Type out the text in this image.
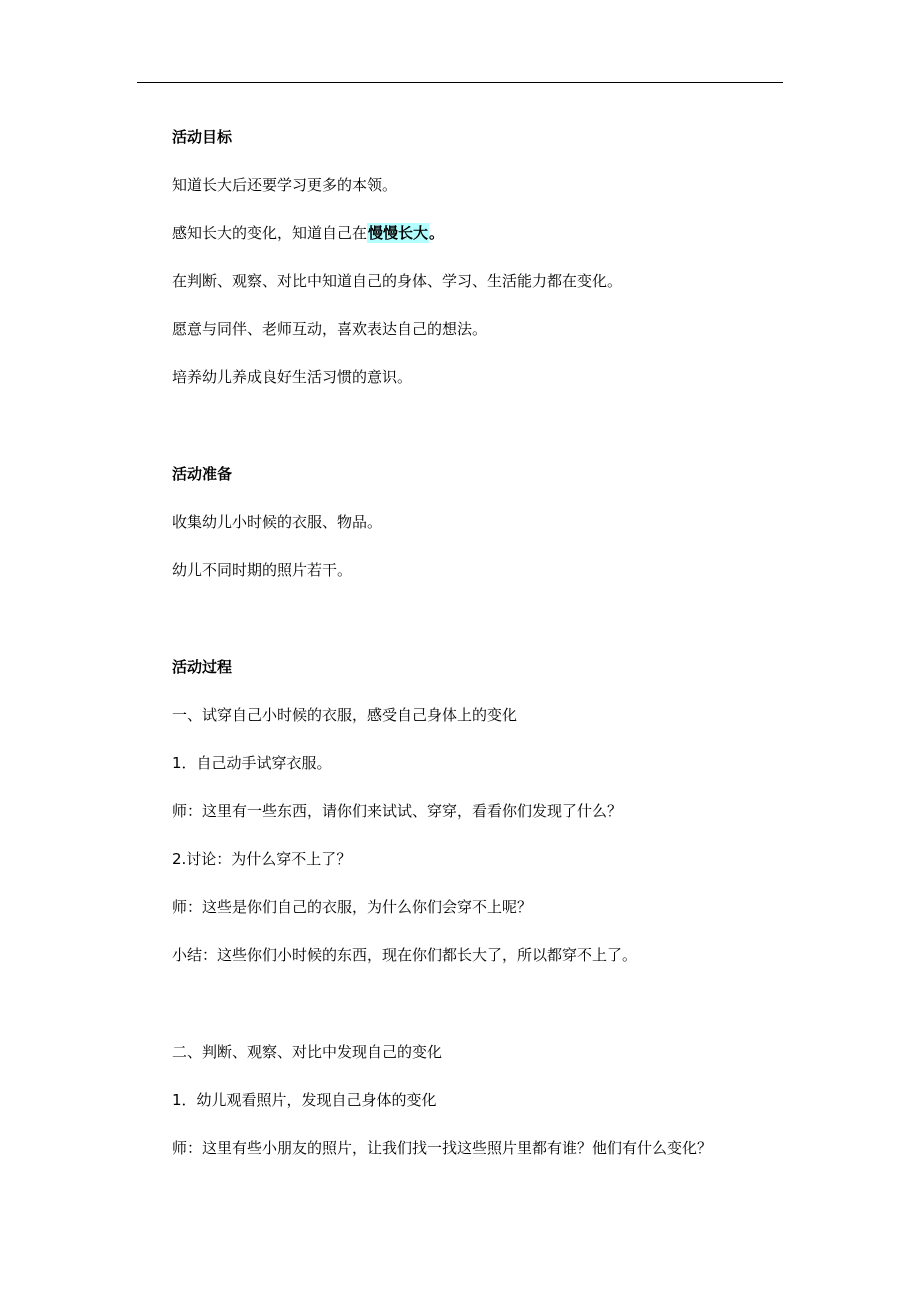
活动目标
知道长大后还要学习更多的本领。
感知长大的变化，知道自己在慢慢长大。
在判断、观察、对比中知道自己的身体、学习、生活能力都在变化。
愿意与同伴、老师互动，喜欢表达自己的想法。
培养幼儿养成良好生活习惯的意识。
活动准备
收集幼儿小时候的衣服、物品。
幼儿不同时期的照片若干。
活动过程
一、试穿自己小时候的衣服，感受自己身体上的变化
1．自己动手试穿衣服。
师：这里有一些东西，请你们来试试、穿穿，看看你们发现了什么？
2.讨论：为什么穿不上了？
师：这些是你们自己的衣服，为什么你们会穿不上呢？
小结：这些你们小时候的东西，现在你们都长大了，所以都穿不上了。
二、判断、观察、对比中发现自己的变化
1．幼儿观看照片，发现自己身体的变化
师：这里有些小朋友的照片，让我们找一找这些照片里都有谁？他们有什么变化？
